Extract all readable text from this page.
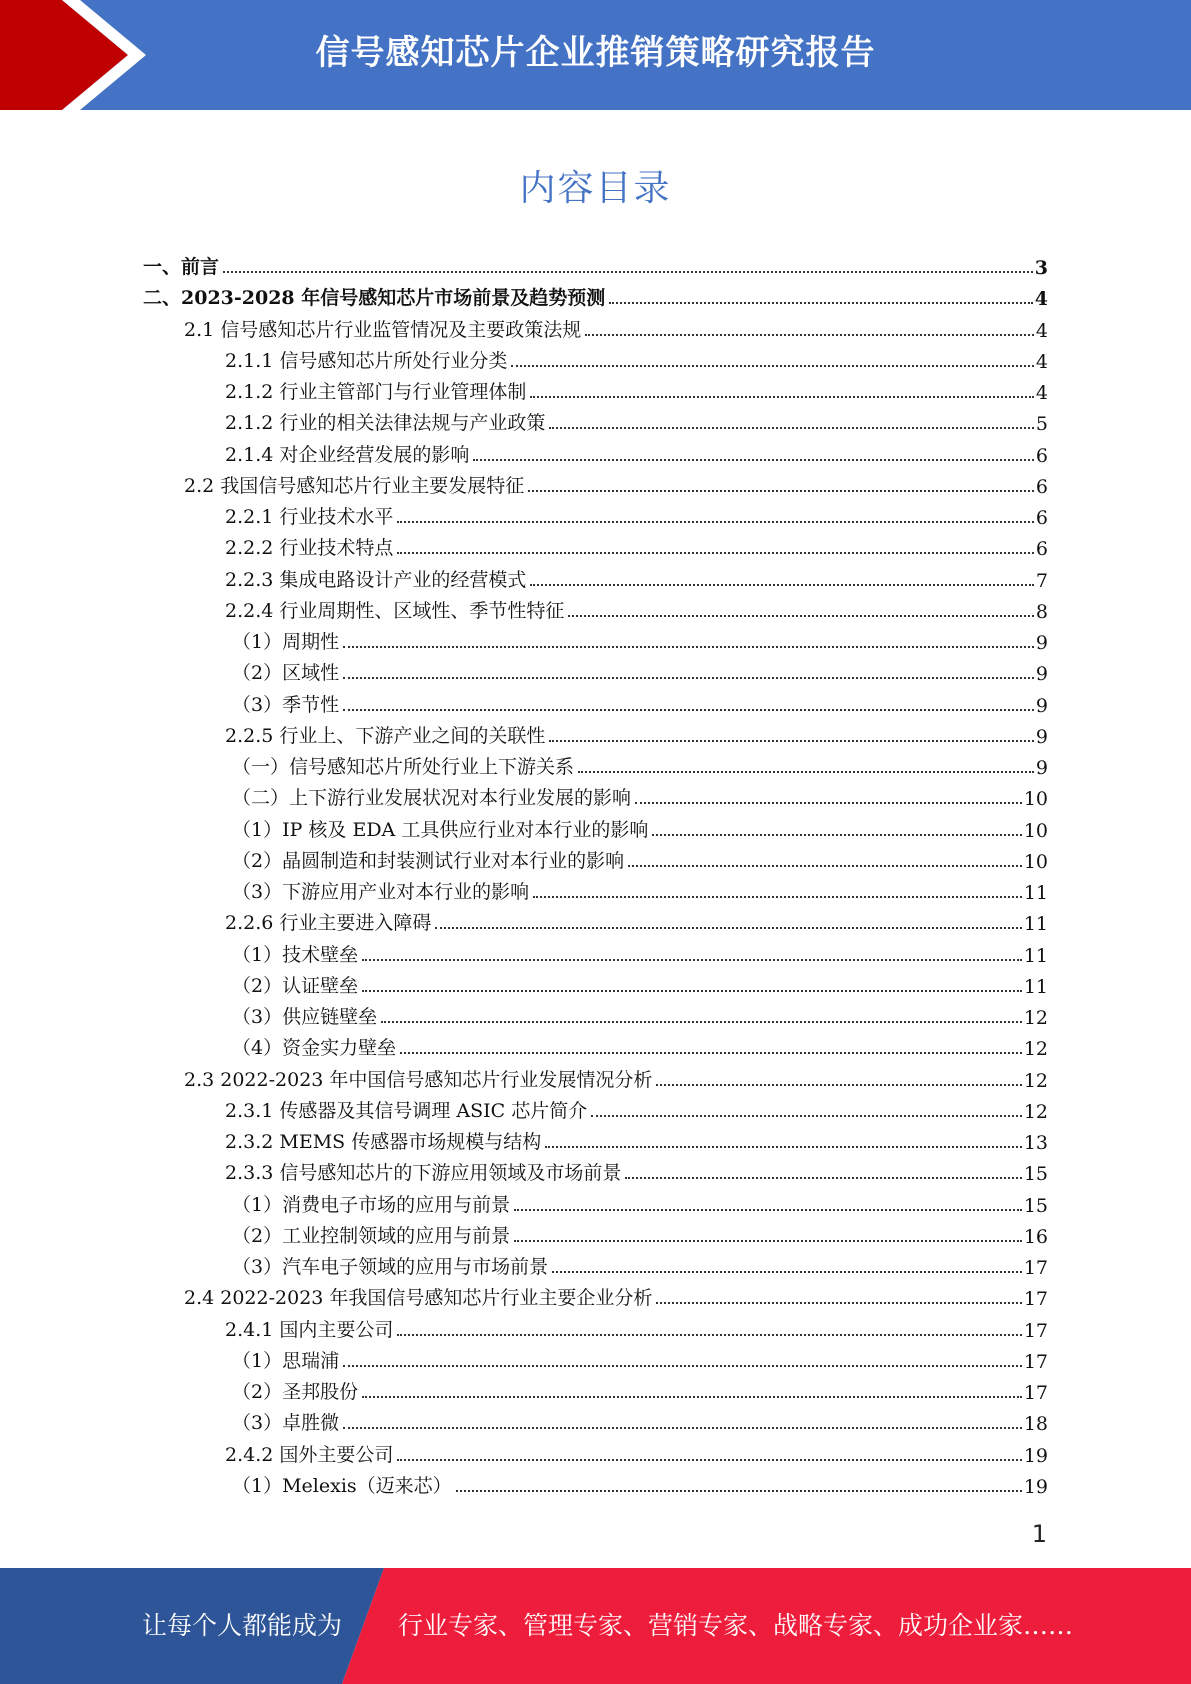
信号感知芯片企业推销策略研究报告
内容目录
一、前言	3
二、2023-2028 年信号感知芯片市场前景及趋势预测	4
2.1 信号感知芯片行业监管情况及主要政策法规	4
2.1.1 信号感知芯片所处行业分类	4
2.1.2 行业主管部门与行业管理体制	4
2.1.2 行业的相关法律法规与产业政策	5
2.1.4 对企业经营发展的影响	6
2.2 我国信号感知芯片行业主要发展特征	6
2.2.1 行业技术水平	6
2.2.2 行业技术特点	6
2.2.3 集成电路设计产业的经营模式	7
2.2.4 行业周期性、区域性、季节性特征	8
（1）周期性	9
（2）区域性	9
（3）季节性	9
2.2.5 行业上、下游产业之间的关联性	9
（一）信号感知芯片所处行业上下游关系	9
（二）上下游行业发展状况对本行业发展的影响	10
（1）IP 核及 EDA 工具供应行业对本行业的影响	10
（2）晶圆制造和封装测试行业对本行业的影响	10
（3）下游应用产业对本行业的影响	11
2.2.6 行业主要进入障碍	11
（1）技术壁垒	11
（2）认证壁垒	11
（3）供应链壁垒	12
（4）资金实力壁垒	12
2.3 2022-2023 年中国信号感知芯片行业发展情况分析	12
2.3.1 传感器及其信号调理 ASIC 芯片简介	12
2.3.2 MEMS 传感器市场规模与结构	13
2.3.3 信号感知芯片的下游应用领域及市场前景	15
（1）消费电子市场的应用与前景	15
（2）工业控制领域的应用与前景	16
（3）汽车电子领域的应用与市场前景	17
2.4 2022-2023 年我国信号感知芯片行业主要企业分析	17
2.4.1 国内主要公司	17
（1）思瑞浦	17
（2）圣邦股份	17
（3）卓胜微	18
2.4.2 国外主要公司	19
（1）Melexis（迈来芯）	19
1
让每个人都能成为 行业专家、管理专家、营销专家、战略专家、成功企业家……
